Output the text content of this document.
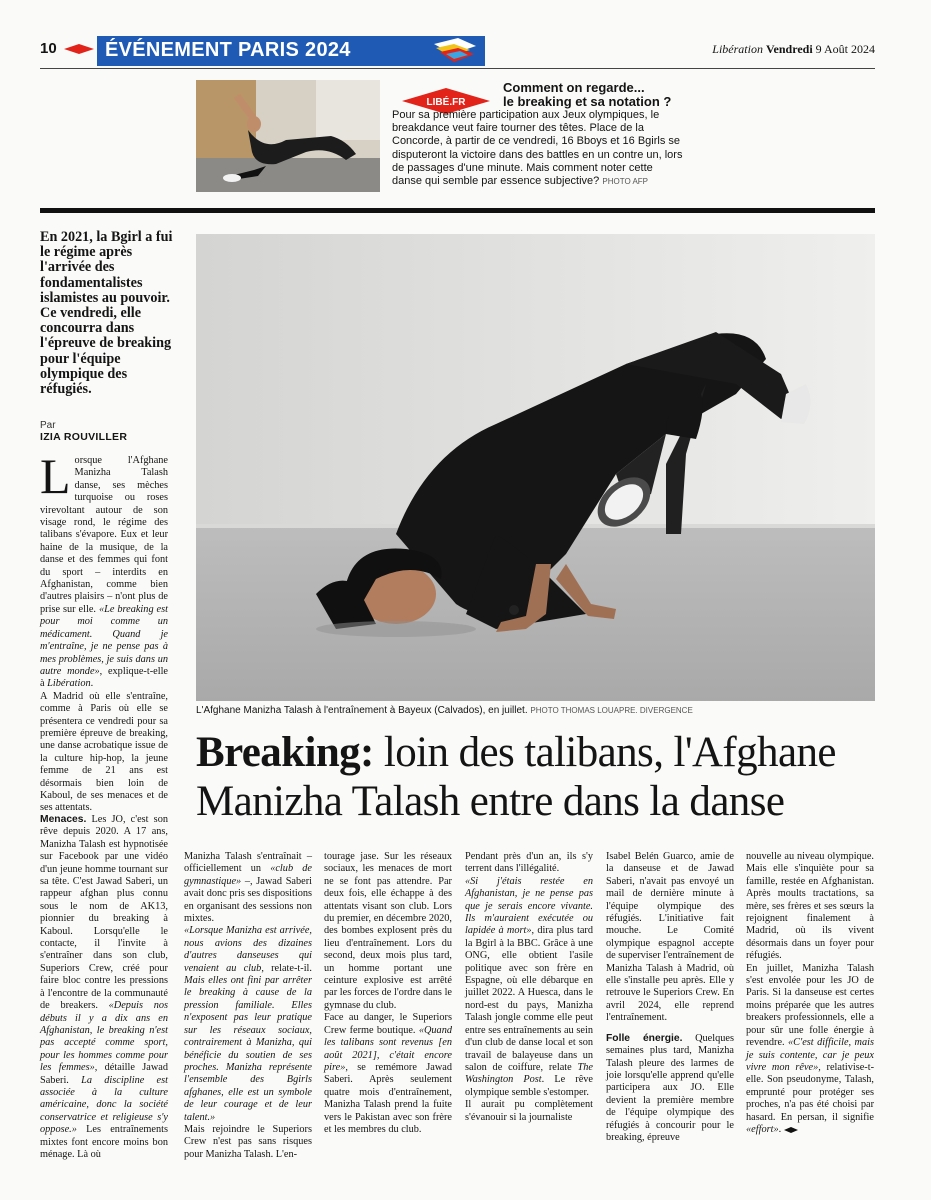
10	ÉVÉNEMENT PARIS 2024	Libération Vendredi 9 Août 2024
LIBÉ.FR
Comment on regarde...
le breaking et sa notation ?
Pour sa première participation aux Jeux olympiques, le breakdance veut faire tourner des têtes. Place de la Concorde, à partir de ce vendredi, 16 Bboys et 16 Bgirls se disputeront la victoire dans des battles en un contre un, lors de passages d'une minute. Mais comment noter cette danse qui semble par essence subjective? PHOTO AFP
En 2021, la Bgirl a fui le régime après l'arrivée des fondamentalistes islamistes au pouvoir. Ce vendredi, elle concourra dans l'épreuve de breaking pour l'équipe olympique des réfugiés.
Par
IZIA ROUVILLER

Lorsque l'Afghane Manizha Talash danse, ses mèches turquoise ou roses virevoltant autour de son visage rond, le régime des talibans s'évapore. Eux et leur haine de la musique, de la danse et des femmes qui font du sport – interdits en Afghanistan, comme bien d'autres plaisirs – n'ont plus de prise sur elle. «Le breaking est pour moi comme un médicament. Quand je m'entraîne, je ne pense pas à mes problèmes, je suis dans un autre monde», explique-t-elle à Libération.

A Madrid où elle s'entraîne, comme à Paris où elle se présentera ce vendredi pour sa première épreuve de breaking, une danse acrobatique issue de la culture hip-hop, la jeune femme de 21 ans est désormais bien loin de Kaboul, de ses menaces et de ses attentats.

Menaces. Les JO, c'est son rêve depuis 2020. A 17 ans, Manizha Talash est hypnotisée sur Facebook par une vidéo d'un jeune homme tournant sur sa tête. C'est Jawad Saberi, un rappeur afghan plus connu sous le nom de AK13, pionnier du breaking à Kaboul. Lorsqu'elle le contacte, il l'invite à s'entraîner dans son club, Superiors Crew, créé pour faire bloc contre les pressions à l'encontre de la communauté de breakers. «Depuis nos débuts il y a dix ans en Afghanistan, le breaking n'est pas accepté comme sport, pour les hommes comme pour les femmes», détaille Jawad Saberi. La discipline est associée à la culture américaine, donc la société conservatrice et religieuse s'y oppose.» Les entraînements mixtes font encore moins bon ménage. Là où

L'Afghane Manizha Talash à l'entraînement à Bayeux (Calvados), en juillet. PHOTO THOMAS LOUAPRE. DIVERGENCE
Breaking: loin des talibans, l'Afghane Manizha Talash entre dans la danse

Manizha Talash s'entraînait – officiellement un «club de gymnastique» –, Jawad Saberi avait donc pris ses dispositions en organisant des sessions non mixtes.

«Lorsque Manizha est arrivée, nous avions des dizaines d'autres danseuses qui venaient au club, relate-t-il. Mais elles ont fini par arrêter le breaking à cause de la pression familiale. Elles n'exposent pas leur pratique sur les réseaux sociaux, contrairement à Manizha, qui bénéficie du soutien de ses proches. Manizha représente l'ensemble des Bgirls afghanes, elle est un symbole de leur courage et de leur talent.»

Mais rejoindre le Superiors Crew n'est pas sans risques pour Manizha Talash. L'en-

tourage jase. Sur les réseaux sociaux, les menaces de mort ne se font pas attendre. Par deux fois, elle échappe à des attentats visant son club. Lors du premier, en décembre 2020, des bombes explosent près du lieu d'entraînement. Lors du second, deux mois plus tard, un homme portant une ceinture explosive est arrêté par les forces de l'ordre dans le gymnase du club.

Face au danger, le Superiors Crew ferme boutique. «Quand les talibans sont revenus [en août 2021], c'était encore pire», se remémore Jawad Saberi. Après seulement quatre mois d'entraînement, Manizha Talash prend la fuite vers le Pakistan avec son frère et les membres du club.

Pendant près d'un an, ils s'y terrent dans l'illégalité.

«Si j'étais restée en Afghanistan, je ne pense pas que je serais encore vivante. Ils m'auraient exécutée ou lapidée à mort», dira plus tard la Bgirl à la BBC. Grâce à une ONG, elle obtient l'asile politique avec son frère en Espagne, où elle débarque en juillet 2022. A Huesca, dans le nord-est du pays, Manizha Talash jongle comme elle peut entre ses entraînements au sein d'un club de danse local et son travail de balayeuse dans un salon de coiffure, relate The Washington Post. Le rêve olympique semble s'estomper.

Il aurait pu complètement s'évanouir si la journaliste

Isabel Belén Guarco, amie de la danseuse et de Jawad Saberi, n'avait pas envoyé un mail de dernière minute à l'équipe olympique des réfugiés. L'initiative fait mouche. Le Comité olympique espagnol accepte de superviser l'entraînement de Manizha Talash à Madrid, où elle s'installe peu après. Elle y retrouve le Superiors Crew. En avril 2024, elle reprend l'entraînement.

Folle énergie. Quelques semaines plus tard, Manizha Talash pleure des larmes de joie lorsqu'elle apprend qu'elle participera aux JO. Elle devient la première membre de l'équipe olympique des réfugiés à concourir pour le breaking, épreuve

nouvelle au niveau olympique. Mais elle s'inquiète pour sa famille, restée en Afghanistan. Après moults tractations, sa mère, ses frères et ses sœurs la rejoignent finalement à Madrid, où ils vivent désormais dans un foyer pour réfugiés.

En juillet, Manizha Talash s'est envolée pour les JO de Paris. Si la danseuse est certes moins préparée que les autres breakers professionnels, elle a pour sûr une folle énergie à revendre. «C'est difficile, mais je suis contente, car je peux vivre mon rêve», relativise-t-elle. Son pseudonyme, Talash, emprunté pour protéger ses proches, n'a pas été choisi par hasard. En persan, il signifie «effort».
